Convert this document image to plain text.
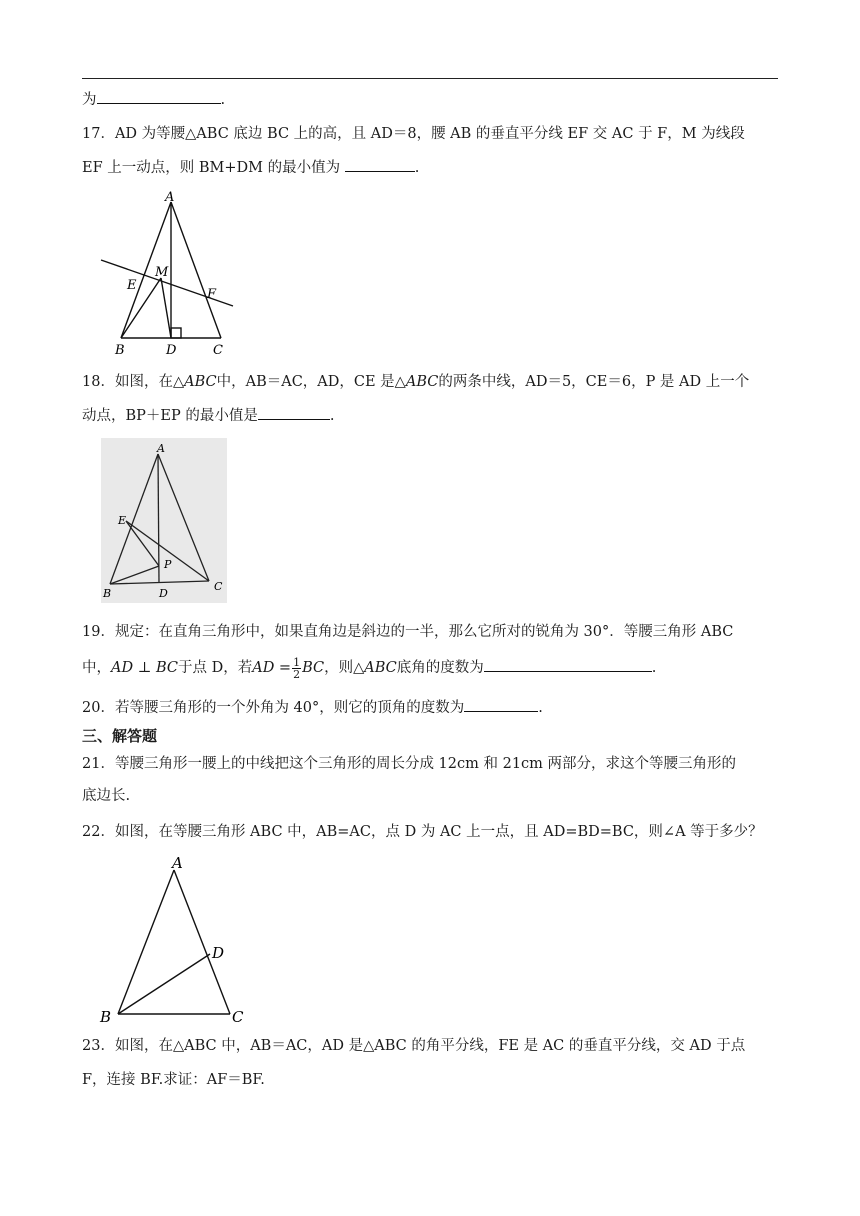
为	.
17．AD 为等腰△ABC 底边 BC 上的高，且 AD＝8，腰 AB 的垂直平分线 EF 交 AC 于 F，M 为线段
EF 上一动点，则 BM+DM 的最小值为	.
A
M
E
F
B	D	C
18．如图，在△ABC中，AB＝AC，AD，CE 是△ABC的两条中线，AD＝5，CE＝6，P 是 AD 上一个
动点，BP＋EP 的最小值是	.
A
E
P
B	D
C
19．规定：在直角三角形中，如果直角边是斜边的一半，那么它所对的锐角为 30°．等腰三角形 ABC
中，AD ⊥ BC于点 D，若AD = $\frac{1}{2}$ BC，则△ABC底角的度数为	.
20．若等腰三角形的一个外角为 40°，则它的顶角的度数为	.
三、解答题
21．等腰三角形一腰上的中线把这个三角形的周长分成 12cm 和 21cm 两部分，求这个等腰三角形的
底边长.
22．如图，在等腰三角形 ABC 中，AB=AC，点 D 为 AC 上一点，且 AD=BD=BC，则∠A 等于多少？
A
D
B	C
23．如图，在△ABC 中，AB＝AC，AD 是△ABC 的角平分线，FE 是 AC 的垂直平分线，交 AD 于点
F，连接 BF.求证：AF＝BF.
